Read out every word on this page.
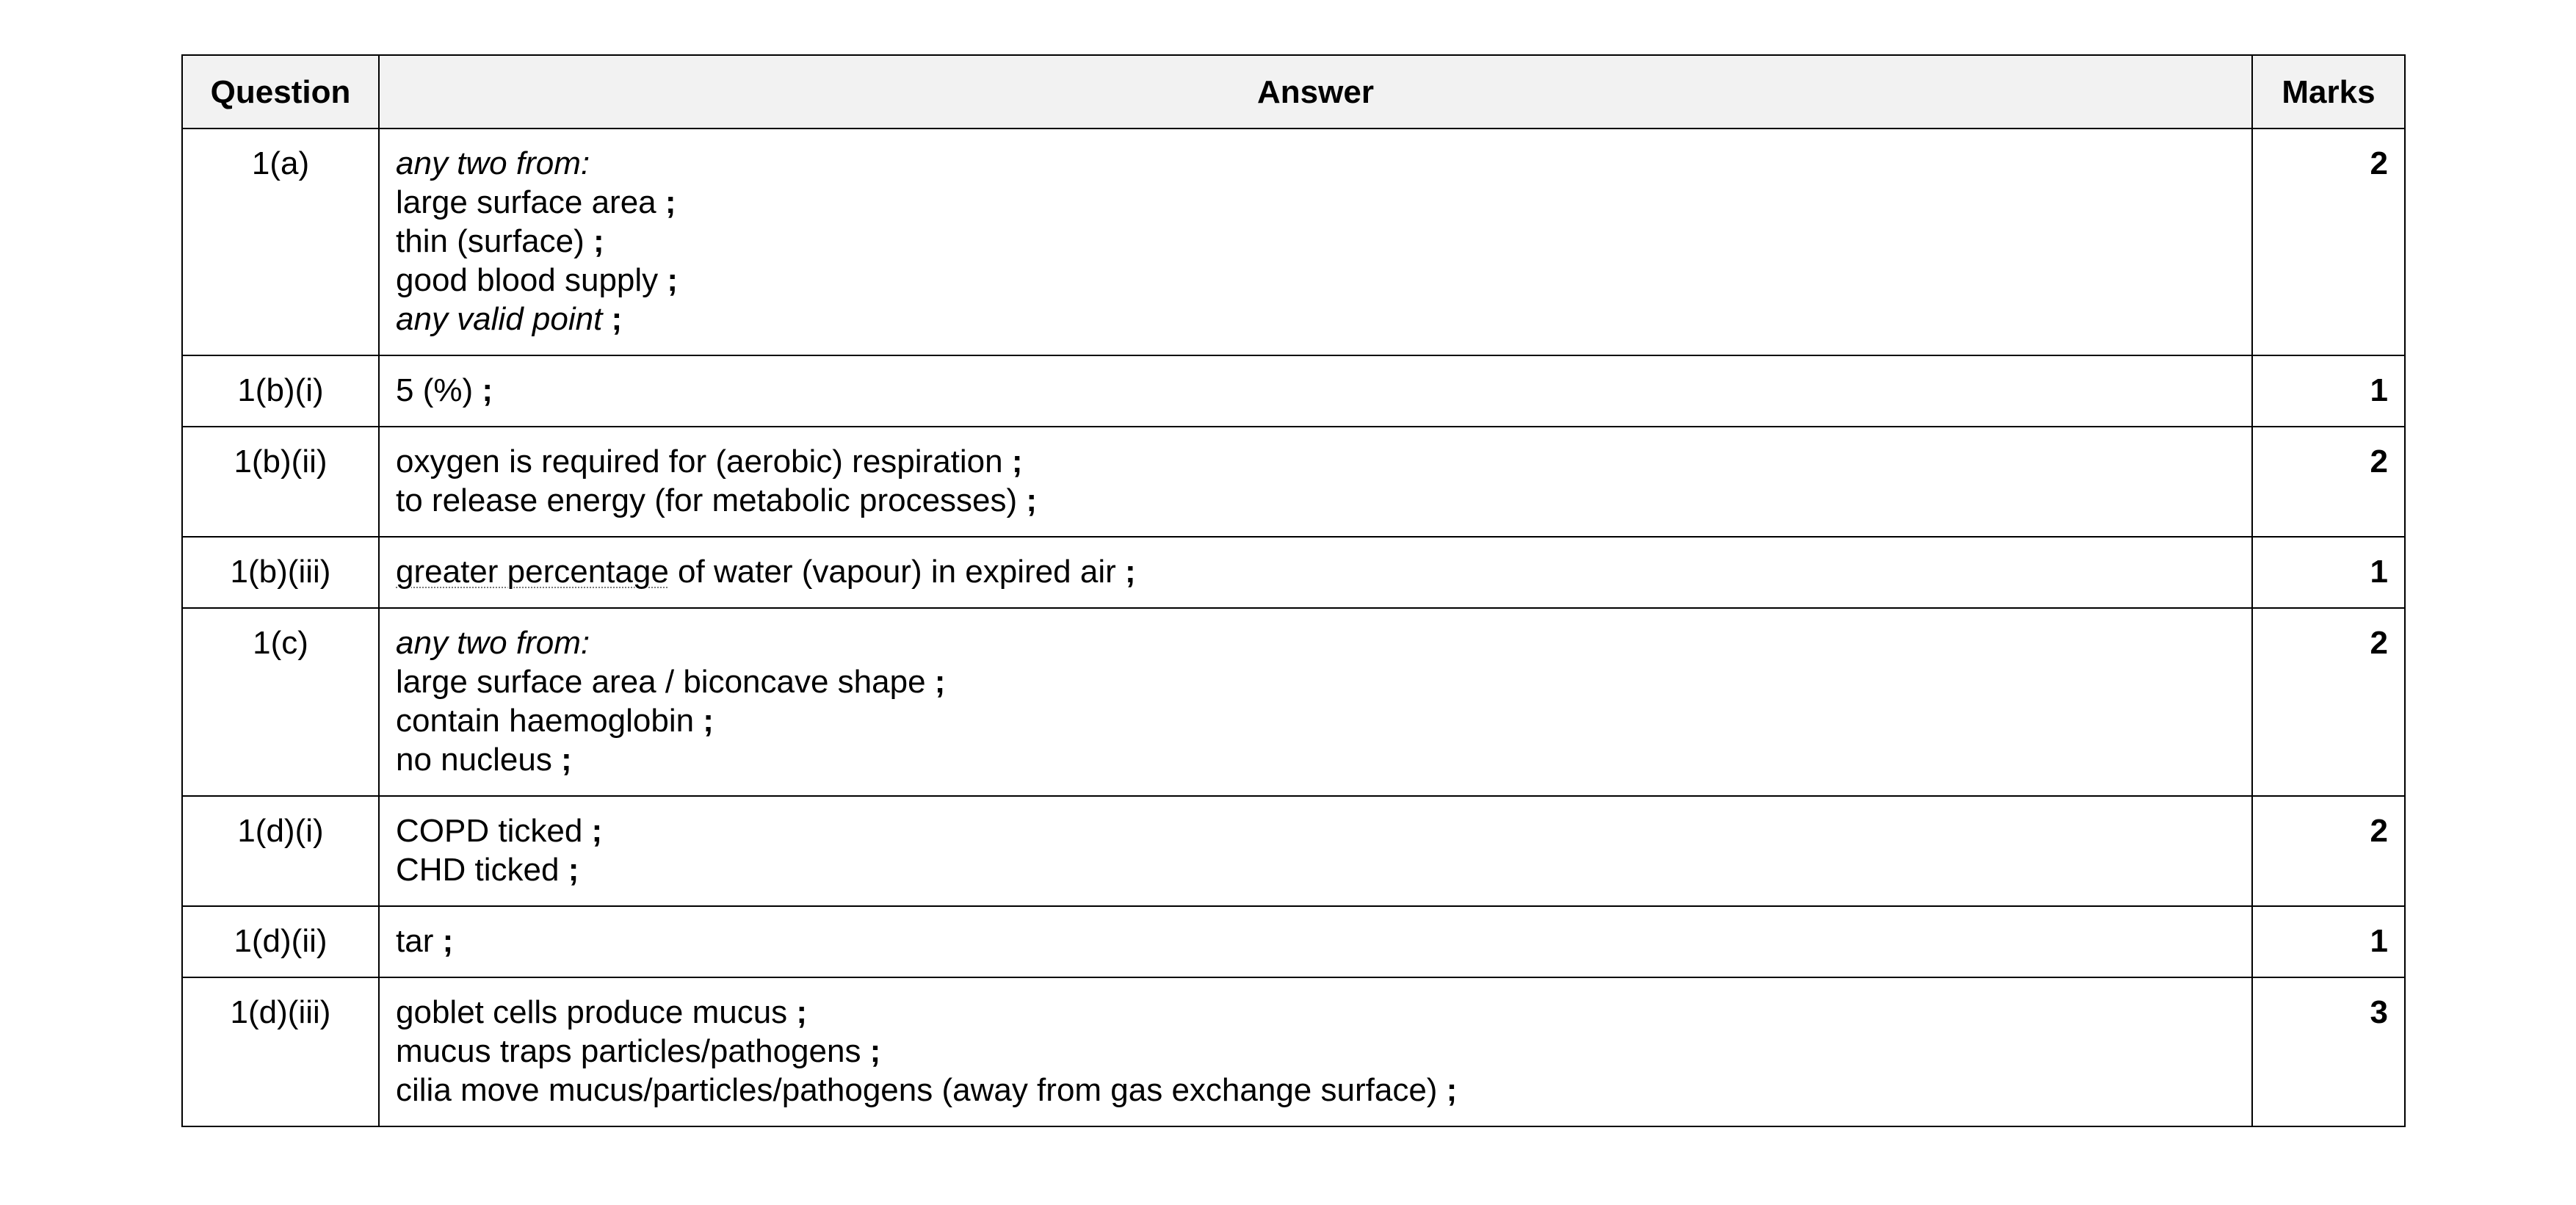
Question	Answer	Marks
1(a)	any two from:
large surface area ;
thin (surface) ;
good blood supply ;
any valid point ;	2
1(b)(i)	5 (%) ;	1
1(b)(ii)	oxygen is required for (aerobic) respiration ;
to release energy (for metabolic processes) ;	2
1(b)(iii)	greater percentage of water (vapour) in expired air ;	1
1(c)	any two from:
large surface area / biconcave shape ;
contain haemoglobin ;
no nucleus ;	2
1(d)(i)	COPD ticked ;
CHD ticked ;	2
1(d)(ii)	tar ;	1
1(d)(iii)	goblet cells produce mucus ;
mucus traps particles/pathogens ;
cilia move mucus/particles/pathogens (away from gas exchange surface) ;	3
